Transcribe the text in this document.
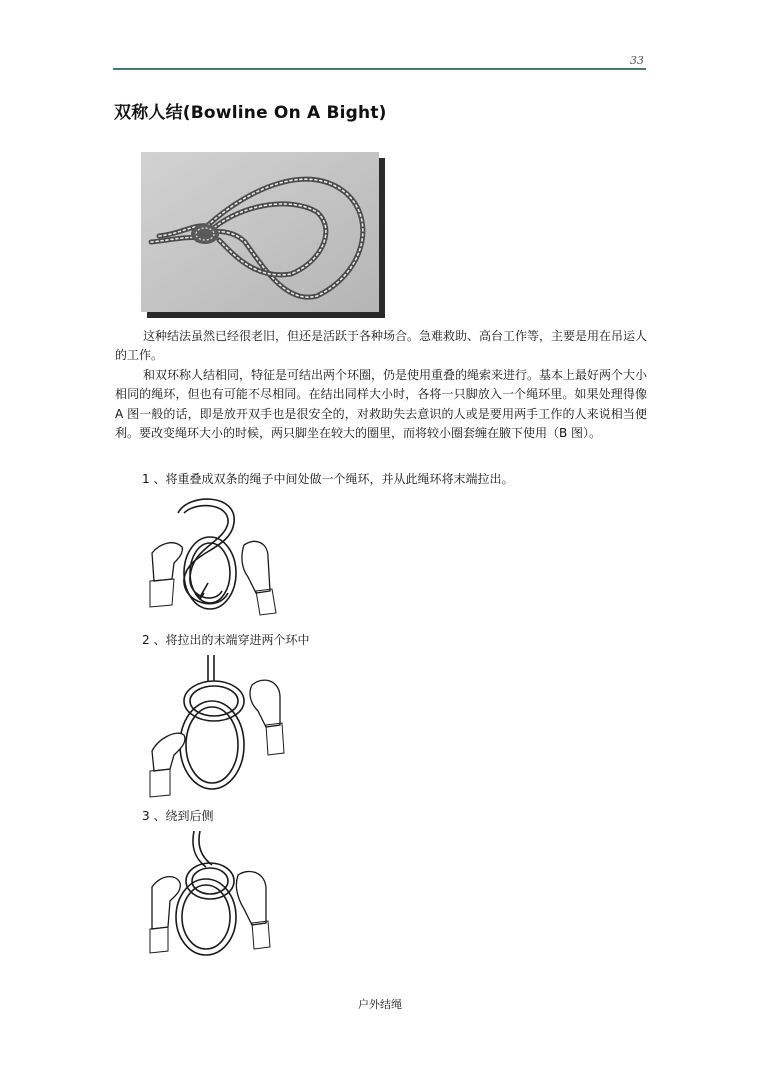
33
双称人结(Bowline On A Bight)

这种结法虽然已经很老旧，但还是活跃于各种场合。急难救助、高台工作等，主要是用在吊运人的工作。

和双环称人结相同，特征是可结出两个环圈，仍是使用重叠的绳索来进行。基本上最好两个大小相同的绳环，但也有可能不尽相同。在结出同样大小时，各将一只脚放入一个绳环里。如果处理得像 A 图一般的话，即是放开双手也是很安全的，对救助失去意识的人或是要用两手工作的人来说相当便利。要改变绳环大小的时候，两只脚坐在较大的圈里，而将较小圈套缠在腋下使用（B 图）。

1 、将重叠成双条的绳子中间处做一个绳环，并从此绳环将末端拉出。
2 、将拉出的末端穿进两个环中
3 、绕到后侧
户外结绳
